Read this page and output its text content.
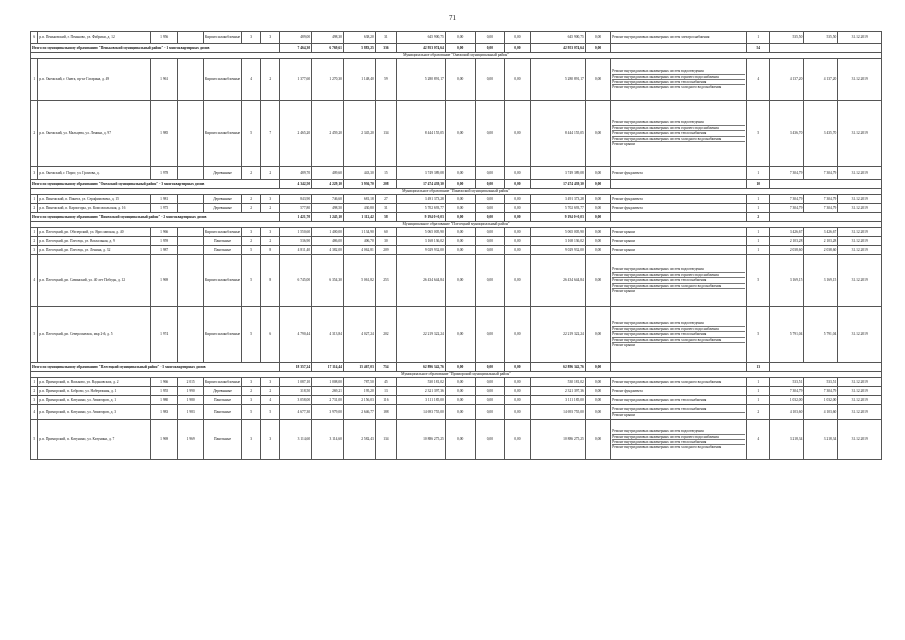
71
6	р.п. Пеньковский, г. Пеньково, ул. Фабрики, д. 12	1 956		Кирпич шлакоблочные	3	3	489,00	498,30	638,20	31	645 900,75	0,00	0,00	0,00	645 900,75	0,00	Ремонт внутридомовых инженерных систем электроснабжения	1	535,50	535,50	31.12.2019
Итого по муниципальному образованию "Пеньковский муниципальный район" - 1 многоквартирных домов							7 464,30	6 769,61	5 883,25	336	42 953 074,64	0,00	0,00	0,00	42 953 074,64	0,00		54			
Муниципальное образование "Онежский муниципальный район"																					
1	р.п. Онежский, г. Онега, пр-кт Гагарина, д. 49	1 961		Кирпич шлакоблочные	4	2	1 377,60	1 270,30	1 148,40	59	5 280 891,17	0,00	0,00	0,00	5 280 891,17	0,00	Ремонт внутридомовых инженерных систем водоотведения
Ремонт внутридомовых инженерных систем горячего водоснабжения
Ремонт внутридомовых инженерных систем теплоснабжения
Ремонт внутридомовых инженерных систем холодного водоснабжения	4	4 137,20	4 137,20	31.12.2019
2	р.п. Онежский, ул. Мальцева, ул. Ленина, д. 97	1 985		Кирпич шлакоблочные	5	7	2 465,20	2 459,20	2 345,20	134	8 444 155,05	0,00	0,00	0,00	8 444 155,05	0,00	Ремонт внутридомовых инженерных систем водоотведения
Ремонт внутридомовых инженерных систем горячего водоснабжения
Ремонт внутридомовых инженерных систем теплоснабжения
Ремонт внутридомовых инженерных систем холодного водоснабжения
Ремонт крыши	5	3 436,70	3 435,70	31.12.2019
3	р.п. Онежский, г. Порог, ул. Громова, д.	1 978		Деревянные	2	2	489,70	409,60	443,30	15	3 749 389,08	0,00	0,00	0,00	3 749 389,08	0,00	Ремонт фундамента	1	7 304,79	7 304,79	31.12.2019
Итого по муниципальному образованию "Онежский муниципальный район" - 3 многоквартирных домов							4 342,50	4 229,10	3 936,70	208	17 474 439,30	0,00	0,00	0,00	17 474 439,30	0,00		10			
Муниципальное образование "Пинежский муниципальный район"																					
1	р.п. Пинежский, п. Пинега, ул. Серафимовича, д. 15	1 981		Деревянные	2	3	843,90	746,60	681,18	27	3 491 373,28	0,00	0,00	0,00	3 491 373,28	0,00	Ремонт фундамента	1	7 304,79	7 304,79	31.12.2019
2	р.п. Пинежский, п. Карпогоры, ул. Комсомольская, д. 16	1 975		Деревянные	2	2	577,80	498,50	430,80	31	5 702 693,77	0,00	0,00	0,00	5 702 693,77	0,00	Ремонт фундамента	1	7 304,79	7 304,79	31.12.2019
Итого по муниципальному образованию "Пинежский муниципальный район" - 2 многоквартирных домов							1 421,70	1 245,10	1 112,42	58	9 194 0+0,03	0,00	0,00	0,00	9 194 0+0,03	0,00		2			
Муниципальное образование "Плесецкий муниципальный район"																					
1	р.п. Плесецкий, рп. Обозерский, ул. Ярославская, д. 40	1 966		Кирпич шлакоблочные	3	3	1 550,60	1 400,00	1 134,90	60	5 065 005,90	0,00	0,00	0,00	5 065 005,90	0,00	Ремонт крыши	1	3 426,67	3 426,67	31.12.2019
2	р.п. Плесецкий, рп. Плесецк, ул. Вокзальная, д. 9	1 959		Панельные	2	2	536,90	486,00	406,70	30	3 168 136,02	0,00	0,00	0,00	3 168 136,02	0,00	Ремонт крыши	1	2 103,28	2 103,28	31.12.2019
3	р.п. Плесецкий, рп. Плесецк, ул. Ленина, д. 32	1 987		Панельные	5	8	4 811,40	4 382,00	4 062,81	209	9 029 932,00	0,00	0,00	0,00	9 029 932,00	0,00	Ремонт крыши	1	2 038,60	2 038,60	31.12.2019
4	р.п. Плесецкий, рп. Савинский, ул. 40 лет Победы, д. 12	1 969		Кирпич шлакоблочные	5	8	6 745,00	6 354,30	5 061,82	253	26 434 644,84	0,00	0,00	0,00	26 434 644,84	0,00	Ремонт внутридомовых инженерных систем водоотведения
Ремонт внутридомовых инженерных систем горячего водоснабжения
Ремонт внутридомовых инженерных систем теплоснабжения
Ремонт внутридомовых инженерных систем холодного водоснабжения
Ремонт крыши	5	3 169,15	3 169,15	31.12.2019
5	р.п. Плесецкий, рп. Североонежск, мкр 2-й, д. 5	1 974		Кирпич шлакоблочные	5	6	4 790,44	4 313,84	4 027,24	202	22 219 322,24	0,00	0,00	0,00	22 219 322,24	0,00	Ремонт внутридомовых инженерных систем водоотведения
Ремонт внутридомовых инженерных систем горячего водоснабжения
Ремонт внутридомовых инженерных систем теплоснабжения
Ремонт внутридомовых инженерных систем холодного водоснабжения
Ремонт крыши	5	5 791,04	5 791,04	31.12.2019
Итого по муниципальному образованию "Плесецкий муниципальный район" - 5 многоквартирных домов							18 357,24	17 114,44	15 467,03	754	62 896 342,76	0,00	0,00	0,00	62 896 342,76	0,00		13			
Муниципальное образование "Приморский муниципальный район"																					
1	р.п. Приморский, п. Васьково, ул. Вадьковских, д. 2	1 966	2 015	Кирпич шлакоблочные	3	3	1 087,10	1 008,00	787,50	45	530 181,02	0,00	0,00	0,00	530 181,02	0,00	Ремонт внутридомовых инженерных систем холодного водоснабжения	1	533,51	533,51	31.12.2019
2	р.п. Приморский, п. Боброво, ул. Набережная, д. 1	1 955	1 990	Деревянные	2	2	318,50	269,21	195,20	13	2 321 397,36	0,00	0,00	0,00	2 321 397,36	0,00	Ремонт фундамента	1	7 304,79	7 304,79	31.12.2019
3	р.п. Приморский, п. Катунино, ул. Авиаторов, д. 1	1 980	1 980	Панельные	3	4	3 058,00	2 731,00	2 156,03	116	3 111 185,00	0,00	0,00	0,00	3 111 185,00	0,00	Ремонт внутридомовых инженерных систем теплоснабжения	1	1 032,00	1 032,00	31.12.2019
4	р.п. Приморский, п. Катунино, ул. Авиаторов, д. 3	1 983	1 983	Панельные	5	5	4 677,30	3 979,00	2 646,77	188	14 693 755,00	0,00	0,00	0,00	14 693 755,00	0,00	Ремонт внутридомовых инженерных систем теплоснабжения
Ремонт крыши	2	4 103,60	4 103,60	31.12.2019
5	р.п. Приморский, п. Катунино, ул. Катунина, д. 7	1 969	1 969	Панельные	3	3	3 114,60	3 114,60	2 582,43	134	10 886 275,25	0,00	0,00	0,00	10 886 275,25	0,00	Ремонт внутридомовых инженерных систем водоотведения
Ремонт внутридомовых инженерных систем горячего водоснабжения
Ремонт внутридомовых инженерных систем теплоснабжения
Ремонт внутридомовых инженерных систем холодного водоснабжения	4	3 218,34	3 218,34	31.12.2019
